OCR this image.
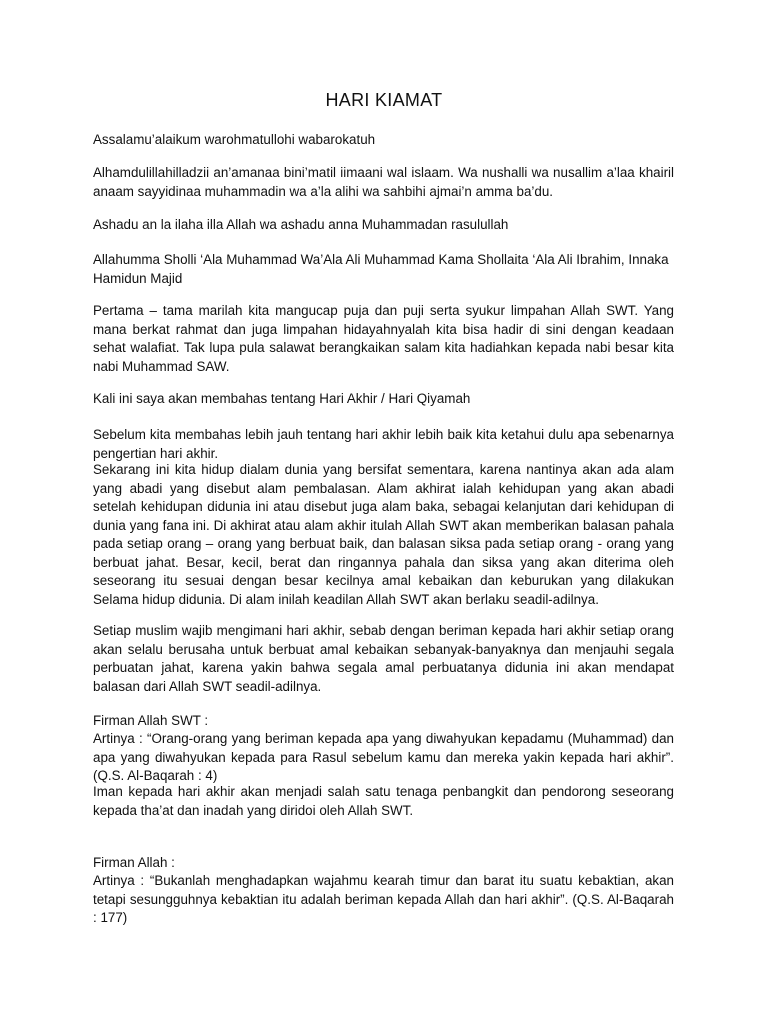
HARI KIAMAT

Assalamu’alaikum warohmatullohi wabarokatuh

Alhamdulillahilladzii an’amanaa bini’matil iimaani wal islaam. Wa nushalli wa nusallim a’laa khairil anaam sayyidinaa muhammadin wa a’la alihi wa sahbihi ajmai’n amma ba’du.

Ashadu an la ilaha illa Allah wa ashadu anna Muhammadan rasulullah

Allahumma Sholli ‘Ala Muhammad Wa’Ala Ali Muhammad Kama Shollaita ‘Ala Ali Ibrahim, Innaka Hamidun Majid

Pertama – tama marilah kita mangucap puja dan puji serta syukur limpahan Allah SWT. Yang mana berkat rahmat dan juga limpahan hidayahnyalah kita bisa hadir di sini dengan keadaan sehat walafiat. Tak lupa pula salawat berangkaikan salam kita hadiahkan kepada nabi besar kita nabi Muhammad SAW.

Kali ini saya akan membahas tentang Hari Akhir / Hari Qiyamah

Sebelum kita membahas lebih jauh tentang hari akhir lebih baik kita ketahui dulu apa sebenarnya pengertian hari akhir.

Sekarang ini kita hidup dialam dunia yang bersifat sementara, karena nantinya akan ada alam yang abadi yang disebut alam pembalasan. Alam akhirat ialah kehidupan yang akan abadi setelah kehidupan didunia ini atau disebut juga alam baka, sebagai kelanjutan dari kehidupan di dunia yang fana ini. Di akhirat atau alam akhir itulah Allah SWT akan memberikan balasan pahala pada setiap orang – orang yang berbuat baik, dan balasan siksa pada setiap orang - orang yang berbuat jahat. Besar, kecil, berat dan ringannya pahala dan siksa yang akan diterima oleh seseorang itu sesuai dengan besar kecilnya amal kebaikan dan keburukan yang dilakukan Selama hidup didunia. Di alam inilah keadilan Allah SWT akan berlaku seadil-adilnya.

Setiap muslim wajib mengimani hari akhir, sebab dengan beriman kepada hari akhir setiap orang akan selalu berusaha untuk berbuat amal kebaikan sebanyak-banyaknya dan menjauhi segala perbuatan jahat, karena yakin bahwa segala amal perbuatanya didunia ini akan mendapat balasan dari Allah SWT seadil-adilnya.

Firman Allah SWT :

Artinya : “Orang-orang yang beriman kepada apa yang diwahyukan kepadamu (Muhammad) dan apa yang diwahyukan kepada para Rasul sebelum kamu dan mereka yakin kepada hari akhir”. (Q.S. Al-Baqarah : 4)

Iman kepada hari akhir akan menjadi salah satu tenaga penbangkit dan pendorong seseorang kepada tha’at dan inadah yang diridoi oleh Allah SWT.

Firman Allah :

Artinya : “Bukanlah menghadapkan wajahmu kearah timur dan barat itu suatu kebaktian, akan tetapi sesungguhnya kebaktian itu adalah beriman kepada Allah dan hari akhir”. (Q.S. Al-Baqarah : 177)
